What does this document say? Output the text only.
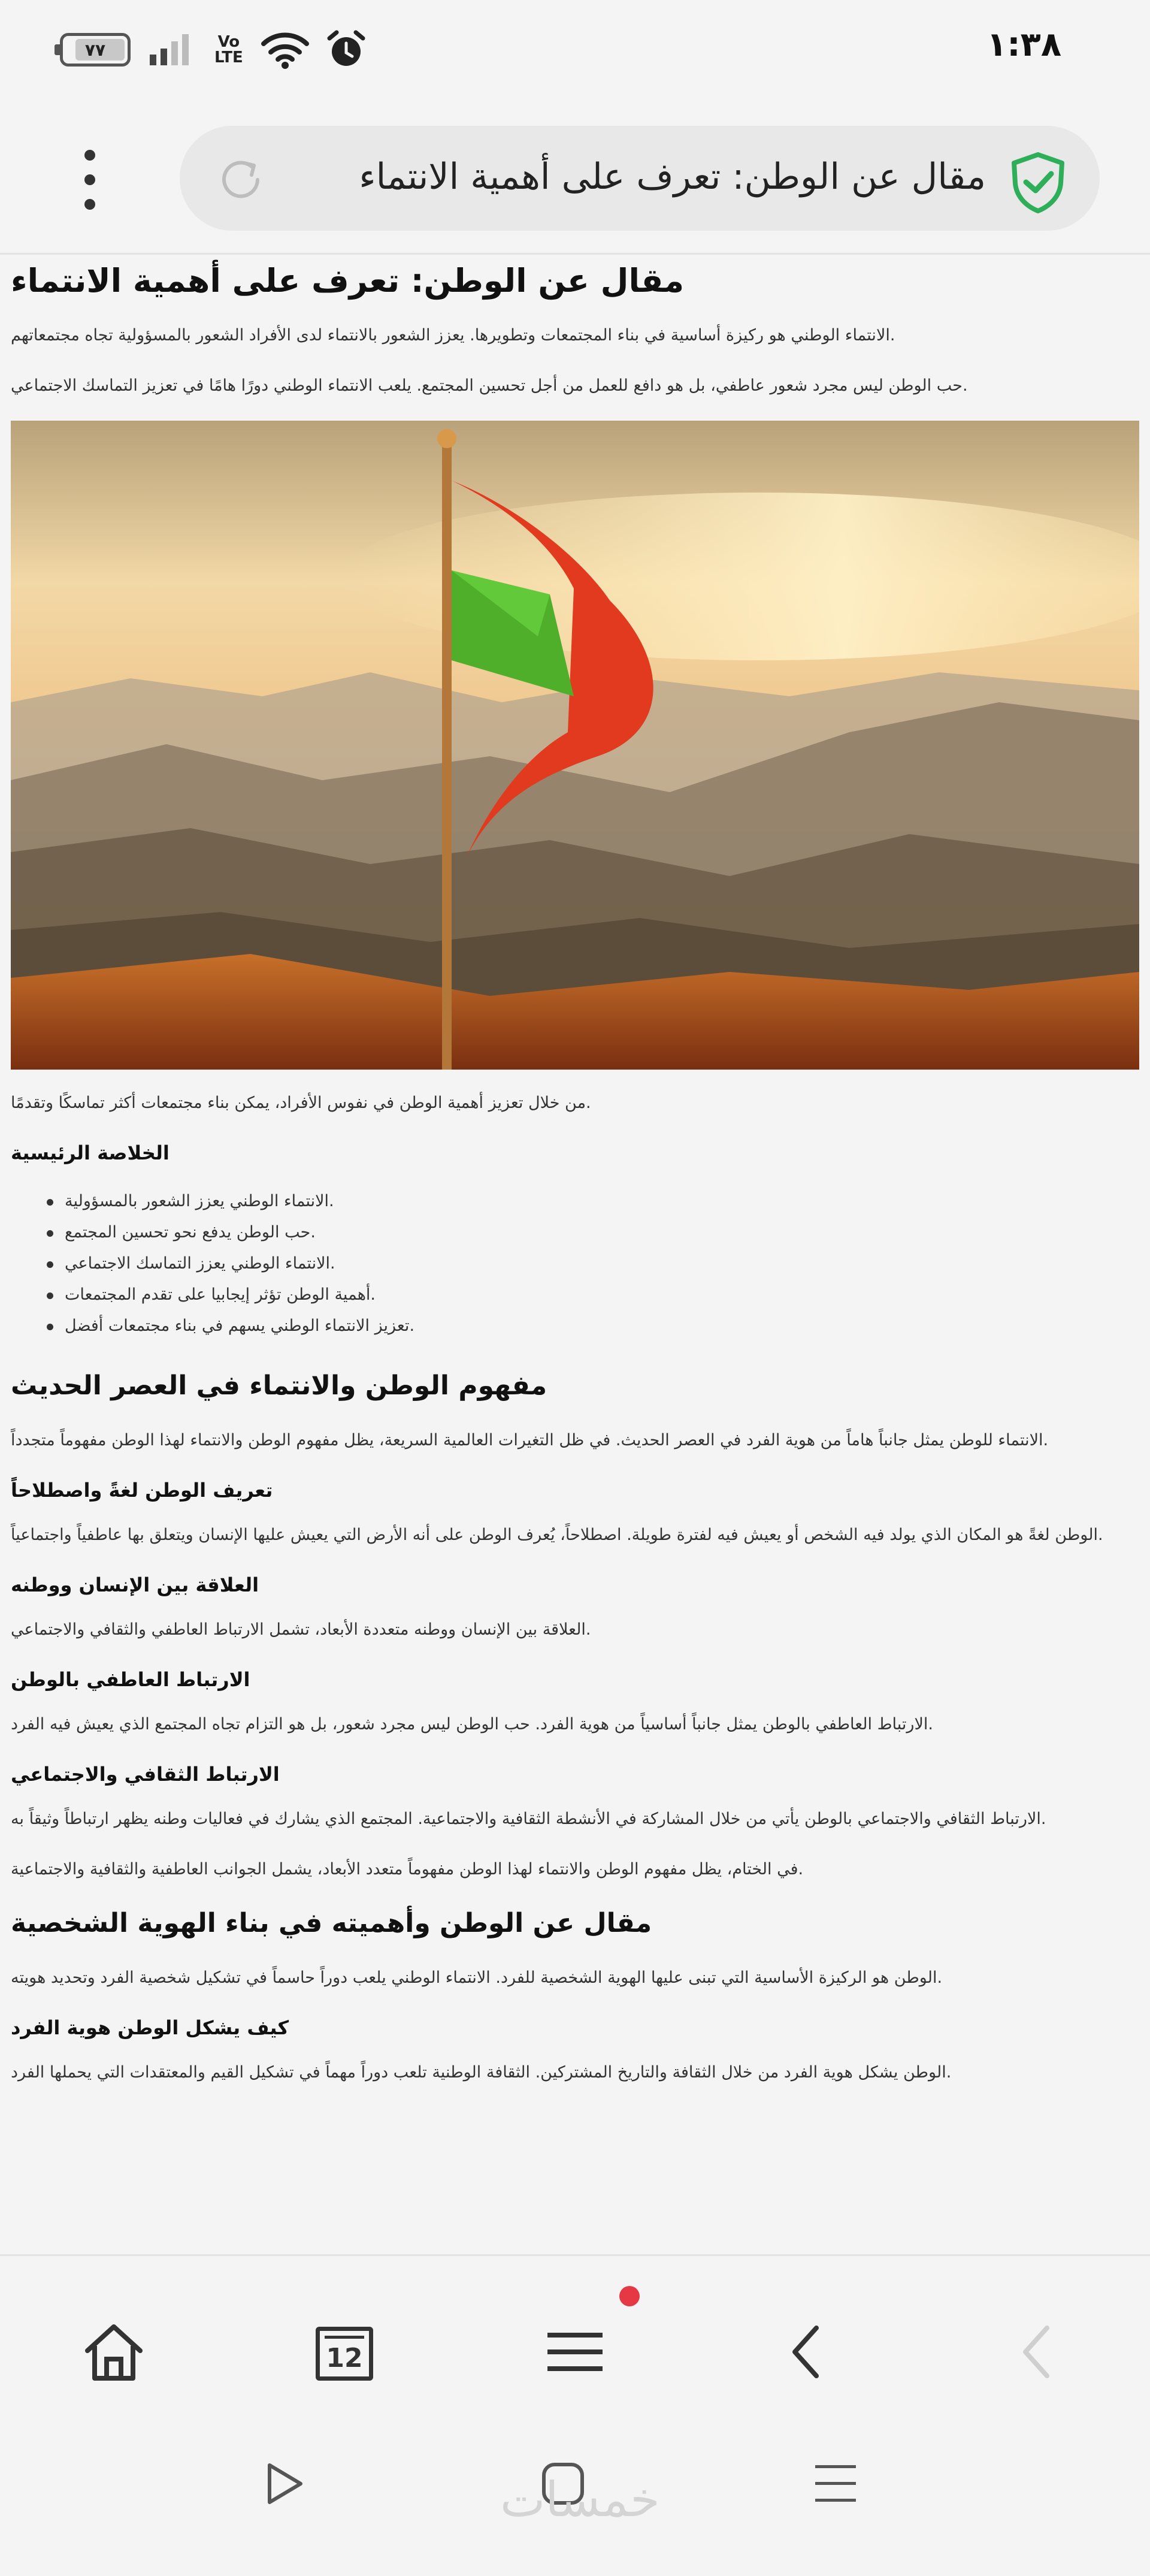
٧٧	Vo
LTE	١:٣٨
مقال عن الوطن: تعرف على أهمية الانتماء
مقال عن الوطن: تعرف على أهمية الانتماء

.الانتماء الوطني هو ركيزة أساسية في بناء المجتمعات وتطويرها. يعزز الشعور بالانتماء لدى الأفراد الشعور بالمسؤولية تجاه مجتمعاتهم

.حب الوطن ليس مجرد شعور عاطفي، بل هو دافع للعمل من أجل تحسين المجتمع. يلعب الانتماء الوطني دورًا هامًا في تعزيز التماسك الاجتماعي

.من خلال تعزيز أهمية الوطن في نفوس الأفراد، يمكن بناء مجتمعات أكثر تماسكًا وتقدمًا

الخلاصة الرئيسية
.الانتماء الوطني يعزز الشعور بالمسؤولية
.حب الوطن يدفع نحو تحسين المجتمع
.الانتماء الوطني يعزز التماسك الاجتماعي
.أهمية الوطن تؤثر إيجابيا على تقدم المجتمعات
.تعزيز الانتماء الوطني يسهم في بناء مجتمعات أفضل
مفهوم الوطن والانتماء في العصر الحديث

.الانتماء للوطن يمثل جانباً هاماً من هوية الفرد في العصر الحديث. في ظل التغيرات العالمية السريعة، يظل مفهوم الوطن والانتماء لهذا الوطن مفهوماً متجدداً

تعريف الوطن لغةً واصطلاحاً

.الوطن لغةً هو المكان الذي يولد فيه الشخص أو يعيش فيه لفترة طويلة. اصطلاحاً، يُعرف الوطن على أنه الأرض التي يعيش عليها الإنسان ويتعلق بها عاطفياً واجتماعياً

العلاقة بين الإنسان ووطنه

.العلاقة بين الإنسان ووطنه متعددة الأبعاد، تشمل الارتباط العاطفي والثقافي والاجتماعي

الارتباط العاطفي بالوطن

.الارتباط العاطفي بالوطن يمثل جانباً أساسياً من هوية الفرد. حب الوطن ليس مجرد شعور، بل هو التزام تجاه المجتمع الذي يعيش فيه الفرد

الارتباط الثقافي والاجتماعي

.الارتباط الثقافي والاجتماعي بالوطن يأتي من خلال المشاركة في الأنشطة الثقافية والاجتماعية. المجتمع الذي يشارك في فعاليات وطنه يظهر ارتباطاً وثيقاً به

.في الختام، يظل مفهوم الوطن والانتماء لهذا الوطن مفهوماً متعدد الأبعاد، يشمل الجوانب العاطفية والثقافية والاجتماعية

مقال عن الوطن وأهميته في بناء الهوية الشخصية

.الوطن هو الركيزة الأساسية التي تبنى عليها الهوية الشخصية للفرد. الانتماء الوطني يلعب دوراً حاسماً في تشكيل شخصية الفرد وتحديد هويته

كيف يشكل الوطن هوية الفرد

.الوطن يشكل هوية الفرد من خلال الثقافة والتاريخ المشتركين. الثقافة الوطنية تلعب دوراً مهماً في تشكيل القيم والمعتقدات التي يحملها الفرد

12
خمسات
